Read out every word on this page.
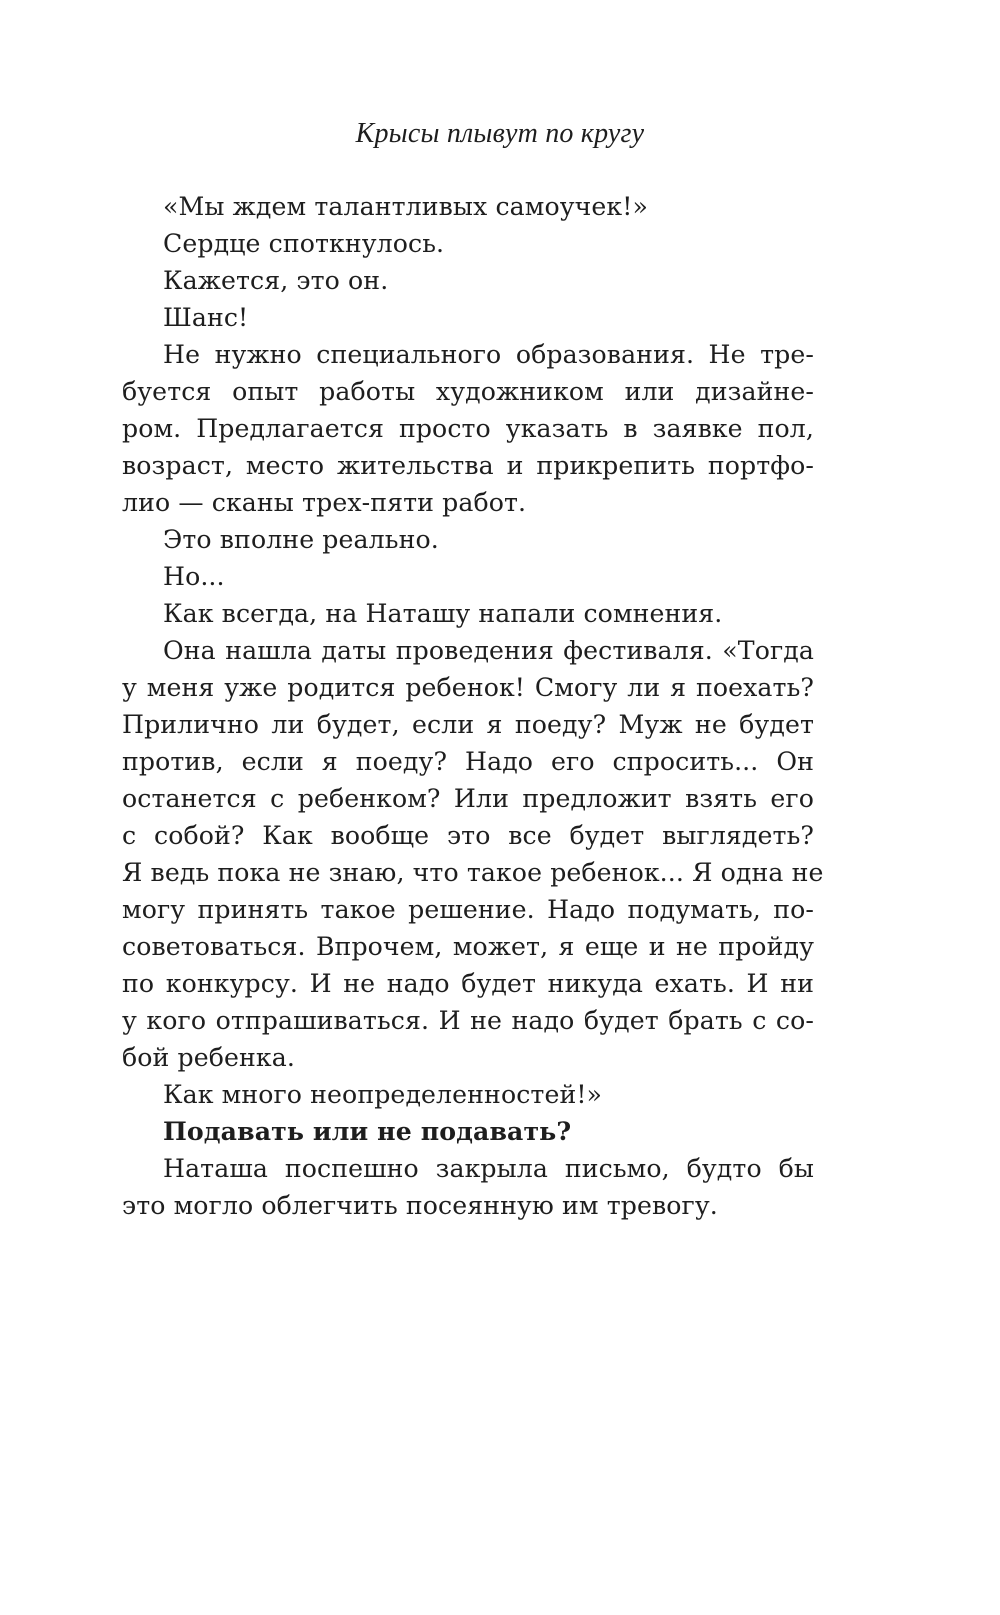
Крысы плывут по кругу
«Мы ждем талантливых самоучек!»
Сердце споткнулось.
Кажется, это он.
Шанс!
Не нужно специального образования. Не тре-
буется опыт работы художником или дизайне-
ром. Предлагается просто указать в заявке пол,
возраст, место жительства и прикрепить портфо-
лио — сканы трех-пяти работ.
Это вполне реально.
Но...
Как всегда, на Наташу напали сомнения.
Она нашла даты проведения фестиваля. «Тогда
у меня уже родится ребенок! Смогу ли я поехать?
Прилично ли будет, если я поеду? Муж не будет
против, если я поеду? Надо его спросить... Он
останется с ребенком? Или предложит взять его
с собой? Как вообще это все будет выглядеть?
Я ведь пока не знаю, что такое ребенок... Я одна не
могу принять такое решение. Надо подумать, по-
советоваться. Впрочем, может, я еще и не пройду
по конкурсу. И не надо будет никуда ехать. И ни
у кого отпрашиваться. И не надо будет брать с со-
бой ребенка.
Как много неопределенностей!»
Подавать или не подавать?
Наташа поспешно закрыла письмо, будто бы
это могло облегчить посеянную им тревогу.
